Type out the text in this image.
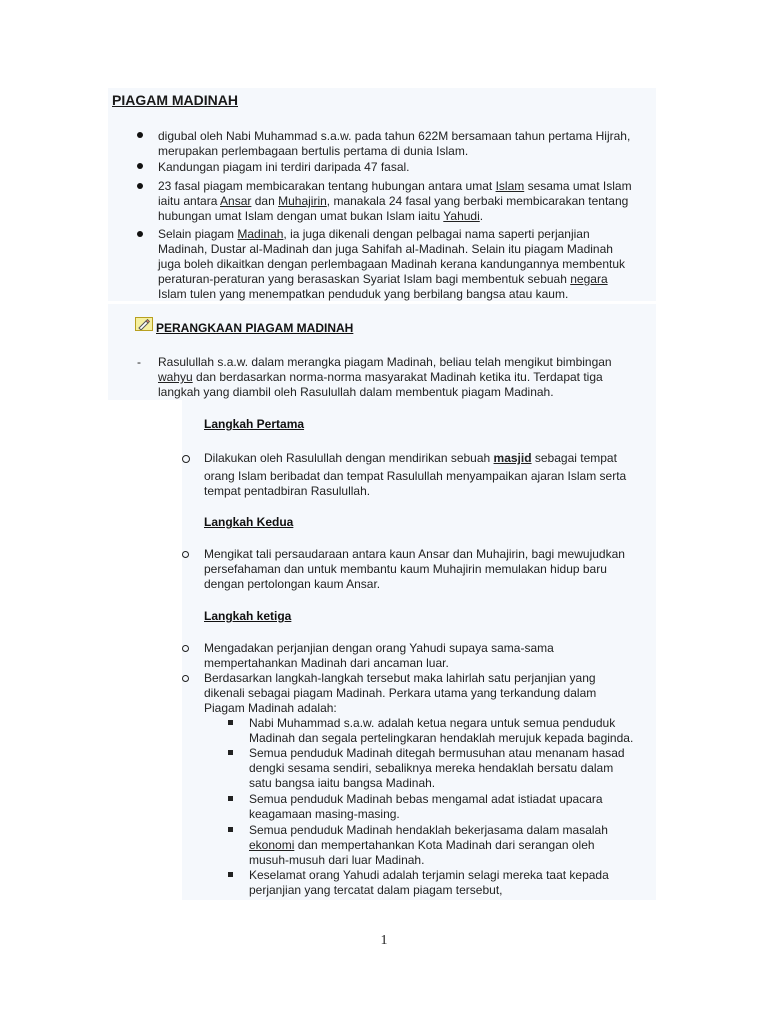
PIAGAM MADINAH
digubal oleh Nabi Muhammad s.a.w. pada tahun 622M bersamaan tahun pertama Hijrah,
merupakan perlembagaan bertulis pertama di dunia Islam.
Kandungan piagam ini terdiri daripada 47 fasal.
23 fasal piagam membicarakan tentang hubungan antara umat Islam sesama umat Islam
iaitu antara Ansar dan Muhajirin, manakala 24 fasal yang berbaki membicarakan tentang
hubungan umat Islam dengan umat bukan Islam iaitu Yahudi.
Selain piagam Madinah, ia juga dikenali dengan pelbagai nama saperti perjanjian
Madinah, Dustar al-Madinah dan juga Sahifah al-Madinah. Selain itu piagam Madinah
juga boleh dikaitkan dengan perlembagaan Madinah kerana kandungannya membentuk
peraturan-peraturan yang berasaskan Syariat Islam bagi membentuk sebuah negara
Islam tulen yang menempatkan penduduk yang berbilang bangsa atau kaum.
PERANGKAAN PIAGAM MADINAH
- Rasulullah s.a.w. dalam merangka piagam Madinah, beliau telah mengikut bimbingan
wahyu dan berdasarkan norma-norma masyarakat Madinah ketika itu. Terdapat tiga
langkah yang diambil oleh Rasulullah dalam membentuk piagam Madinah.
Langkah Pertama
Dilakukan oleh Rasulullah dengan mendirikan sebuah masjid sebagai tempat
orang Islam beribadat dan tempat Rasulullah menyampaikan ajaran Islam serta
tempat pentadbiran Rasulullah.
Langkah Kedua
Mengikat tali persaudaraan antara kaun Ansar dan Muhajirin, bagi mewujudkan
persefahaman dan untuk membantu kaum Muhajirin memulakan hidup baru
dengan pertolongan kaum Ansar.
Langkah ketiga
Mengadakan perjanjian dengan orang Yahudi supaya sama-sama
mempertahankan Madinah dari ancaman luar.
Berdasarkan langkah-langkah tersebut maka lahirlah satu perjanjian yang
dikenali sebagai piagam Madinah. Perkara utama yang terkandung dalam
Piagam Madinah adalah:
Nabi Muhammad s.a.w. adalah ketua negara untuk semua penduduk
Madinah dan segala pertelingkaran hendaklah merujuk kepada baginda.
Semua penduduk Madinah ditegah bermusuhan atau menanam hasad
dengki sesama sendiri, sebaliknya mereka hendaklah bersatu dalam
satu bangsa iaitu bangsa Madinah.
Semua penduduk Madinah bebas mengamal adat istiadat upacara
keagamaan masing-masing.
Semua penduduk Madinah hendaklah bekerjasama dalam masalah
ekonomi dan mempertahankan Kota Madinah dari serangan oleh
musuh-musuh dari luar Madinah.
Keselamat orang Yahudi adalah terjamin selagi mereka taat kepada
perjanjian yang tercatat dalam piagam tersebut,
1
